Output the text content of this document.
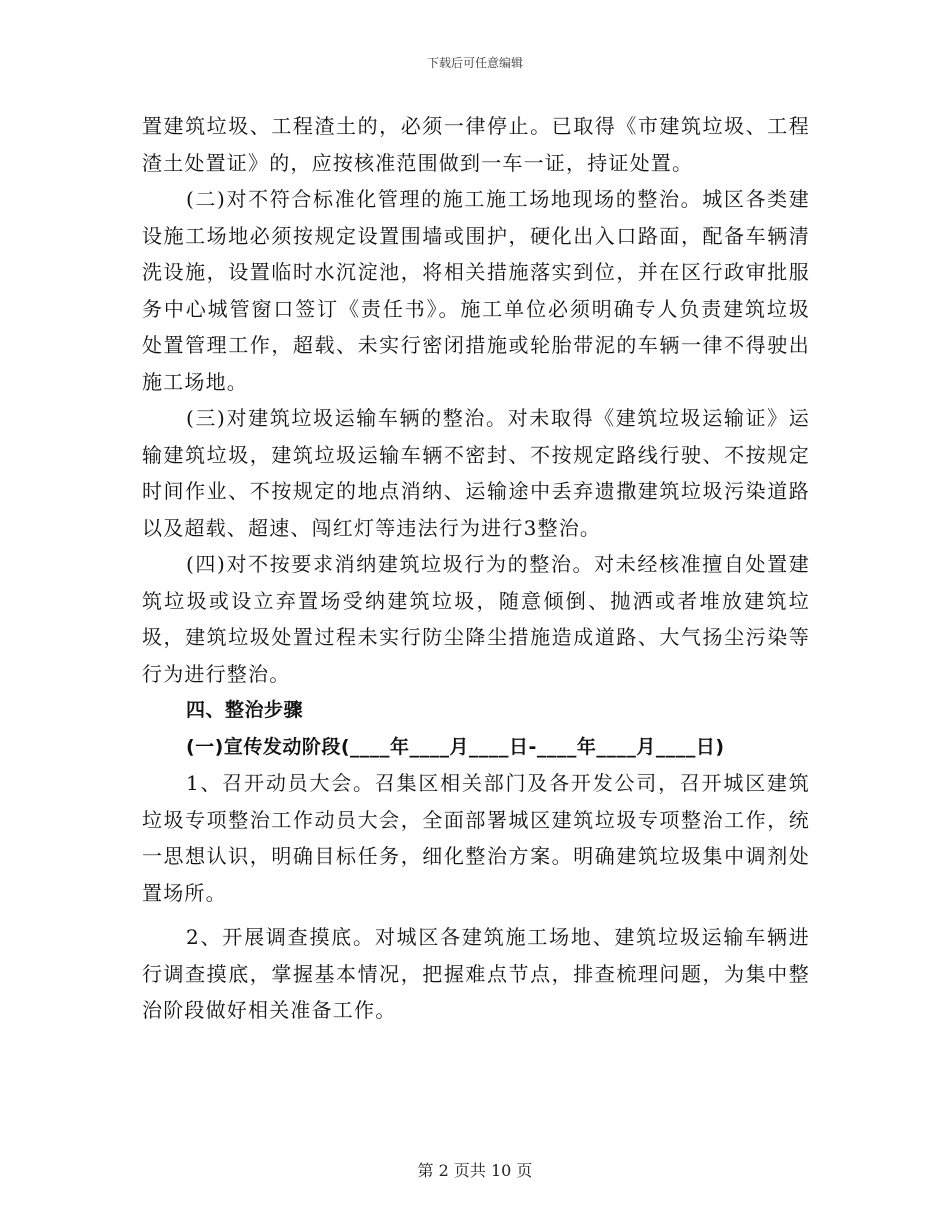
下载后可任意编辑

置建筑垃圾、工程渣土的，必须一律停止。已取得《市建筑垃圾、工程渣土处置证》的，应按核准范围做到一车一证，持证处置。

(二)对不符合标准化管理的施工施工场地现场的整治。城区各类建设施工场地必须按规定设置围墙或围护，硬化出入口路面，配备车辆清洗设施，设置临时水沉淀池，将相关措施落实到位，并在区行政审批服务中心城管窗口签订《责任书》。施工单位必须明确专人负责建筑垃圾处置管理工作，超载、未实行密闭措施或轮胎带泥的车辆一律不得驶出施工场地。

(三)对建筑垃圾运输车辆的整治。对未取得《建筑垃圾运输证》运输建筑垃圾，建筑垃圾运输车辆不密封、不按规定路线行驶、不按规定时间作业、不按规定的地点消纳、运输途中丢弃遗撒建筑垃圾污染道路以及超载、超速、闯红灯等违法行为进行3整治。

(四)对不按要求消纳建筑垃圾行为的整治。对未经核准擅自处置建筑垃圾或设立弃置场受纳建筑垃圾，随意倾倒、抛洒或者堆放建筑垃圾，建筑垃圾处置过程未实行防尘降尘措施造成道路、大气扬尘污染等行为进行整治。

四、整治步骤

(一)宣传发动阶段(____年____月____日-____年____月____日)

1、召开动员大会。召集区相关部门及各开发公司，召开城区建筑垃圾专项整治工作动员大会，全面部署城区建筑垃圾专项整治工作，统一思想认识，明确目标任务，细化整治方案。明确建筑垃圾集中调剂处置场所。

2、开展调查摸底。对城区各建筑施工场地、建筑垃圾运输车辆进行调查摸底，掌握基本情况，把握难点节点，排查梳理问题，为集中整治阶段做好相关准备工作。

第 2 页共 10 页
